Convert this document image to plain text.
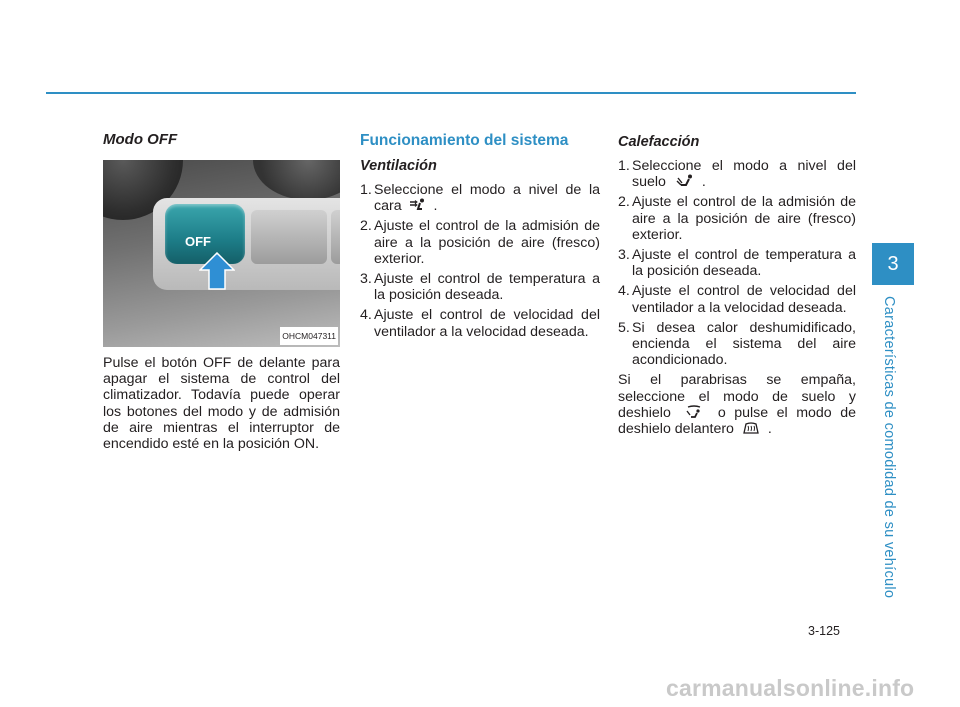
Modo OFF
OFF
OHCM047311

Pulse el botón OFF de delante para apagar el sistema de control del climatizador. Todavía puede operar los botones del modo y de admisión de aire mientras el interruptor de encendido esté en la posición ON.

Funcionamiento del sistema
Ventilación
1. Seleccione el modo a nivel de la cara .
2. Ajuste el control de la admisión de aire a la posición de aire (fresco) exterior.
3. Ajuste el control de temperatura a la posición deseada.
4. Ajuste el control de velocidad del ventilador a la velocidad deseada.
Calefacción
1. Seleccione el modo a nivel del suelo	.
2. Ajuste el control de la admisión de aire a la posición de aire (fresco) exterior.
3. Ajuste el control de temperatura a la posición deseada.
4. Ajuste el control de velocidad del ventilador a la velocidad deseada.
5. Si desea calor deshumidificado, encienda el sistema del aire acondicionado.

Si el parabrisas se empaña, seleccione el modo de suelo y deshielo	o pulse el modo de deshielo delantero .

3
Características de comodidad de su vehículo
3-125
carmanualsonline.info
